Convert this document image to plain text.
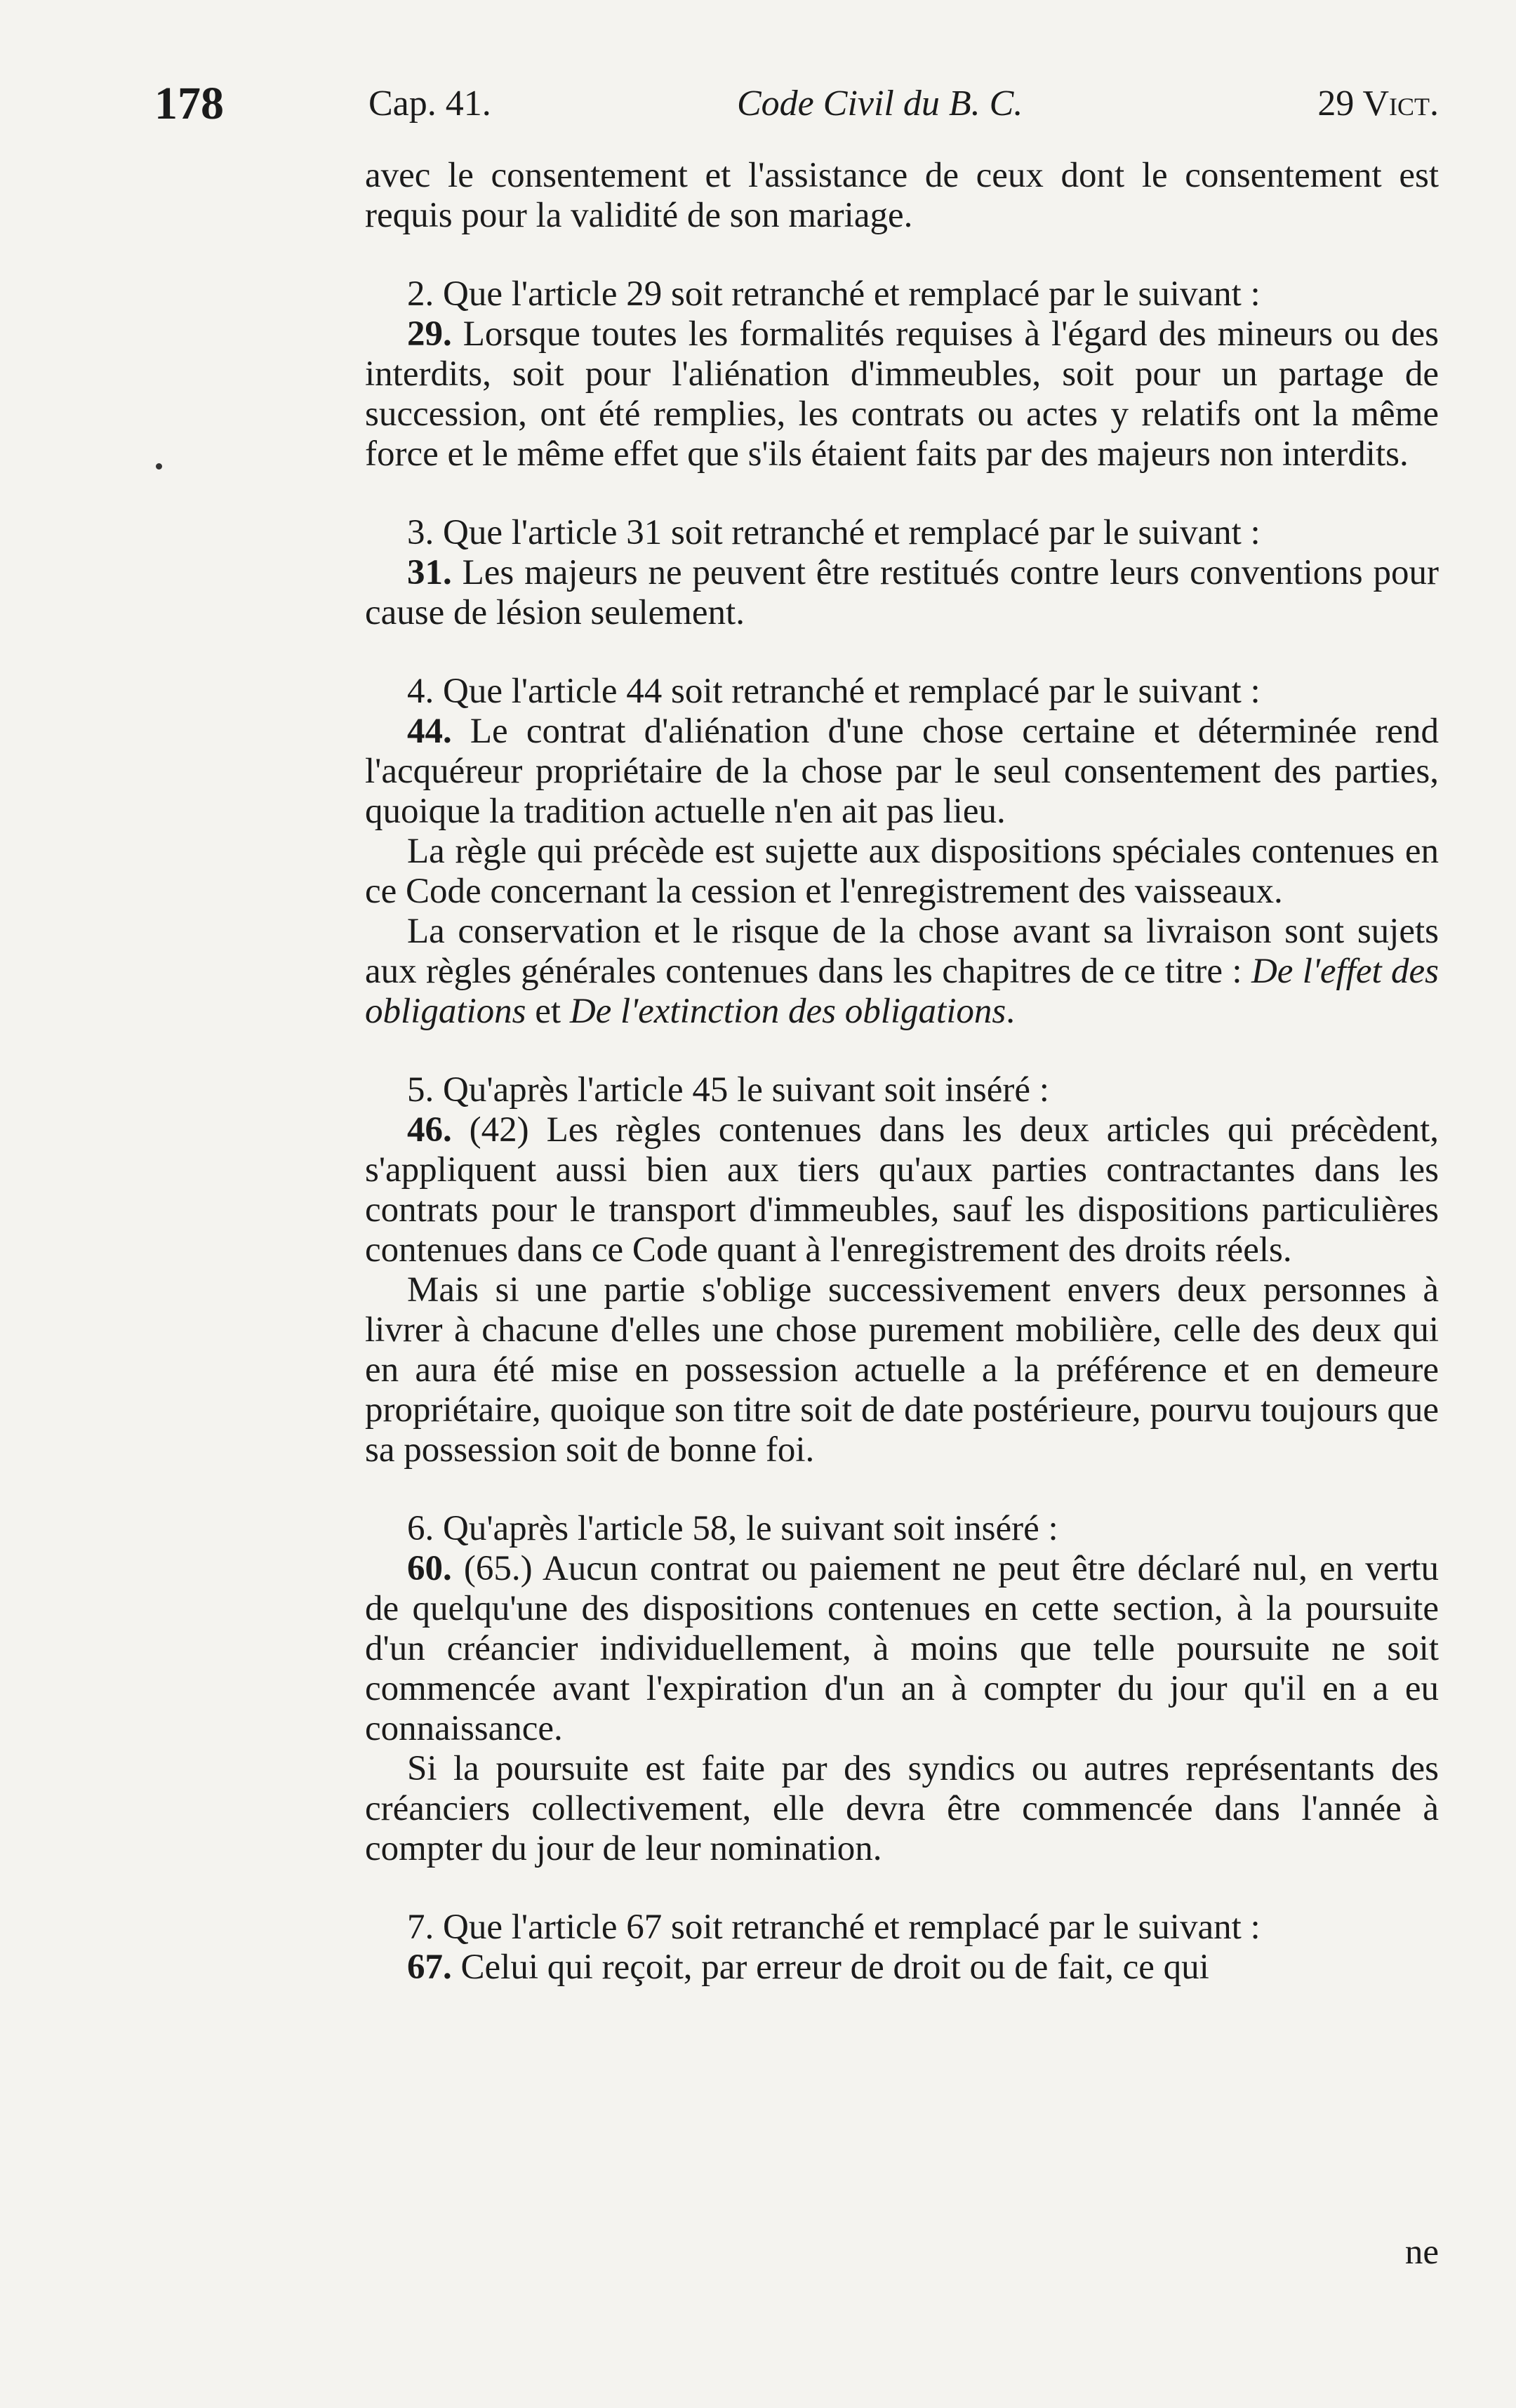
178	Cap. 41.	Code Civil du B. C.	29 Vict.

avec le consentement et l'assistance de ceux dont le consentement est requis pour la validité de son mariage.

2. Que l'article 29 soit retranché et remplacé par le suivant :

29. Lorsque toutes les formalités requises à l'égard des mineurs ou des interdits, soit pour l'aliénation d'immeubles, soit pour un partage de succession, ont été remplies, les contrats ou actes y relatifs ont la même force et le même effet que s'ils étaient faits par des majeurs non interdits.

3. Que l'article 31 soit retranché et remplacé par le suivant :

31. Les majeurs ne peuvent être restitués contre leurs conventions pour cause de lésion seulement.

4. Que l'article 44 soit retranché et remplacé par le suivant :

44. Le contrat d'aliénation d'une chose certaine et déterminée rend l'acquéreur propriétaire de la chose par le seul consentement des parties, quoique la tradition actuelle n'en ait pas lieu.

La règle qui précède est sujette aux dispositions spéciales contenues en ce Code concernant la cession et l'enregistrement des vaisseaux.

La conservation et le risque de la chose avant sa livraison sont sujets aux règles générales contenues dans les chapitres de ce titre : De l'effet des obligations et De l'extinction des obligations.

5. Qu'après l'article 45 le suivant soit inséré :

46. (42) Les règles contenues dans les deux articles qui précèdent, s'appliquent aussi bien aux tiers qu'aux parties contractantes dans les contrats pour le transport d'immeubles, sauf les dispositions particulières contenues dans ce Code quant à l'enregistrement des droits réels.

Mais si une partie s'oblige successivement envers deux personnes à livrer à chacune d'elles une chose purement mobilière, celle des deux qui en aura été mise en possession actuelle a la préférence et en demeure propriétaire, quoique son titre soit de date postérieure, pourvu toujours que sa possession soit de bonne foi.

6. Qu'après l'article 58, le suivant soit inséré :

60. (65.) Aucun contrat ou paiement ne peut être déclaré nul, en vertu de quelqu'une des dispositions contenues en cette section, à la poursuite d'un créancier individuellement, à moins que telle poursuite ne soit commencée avant l'expiration d'un an à compter du jour qu'il en a eu connaissance.

Si la poursuite est faite par des syndics ou autres représentants des créanciers collectivement, elle devra être commencée dans l'année à compter du jour de leur nomination.

7. Que l'article 67 soit retranché et remplacé par le suivant :

67. Celui qui reçoit, par erreur de droit ou de fait, ce qui

ne
